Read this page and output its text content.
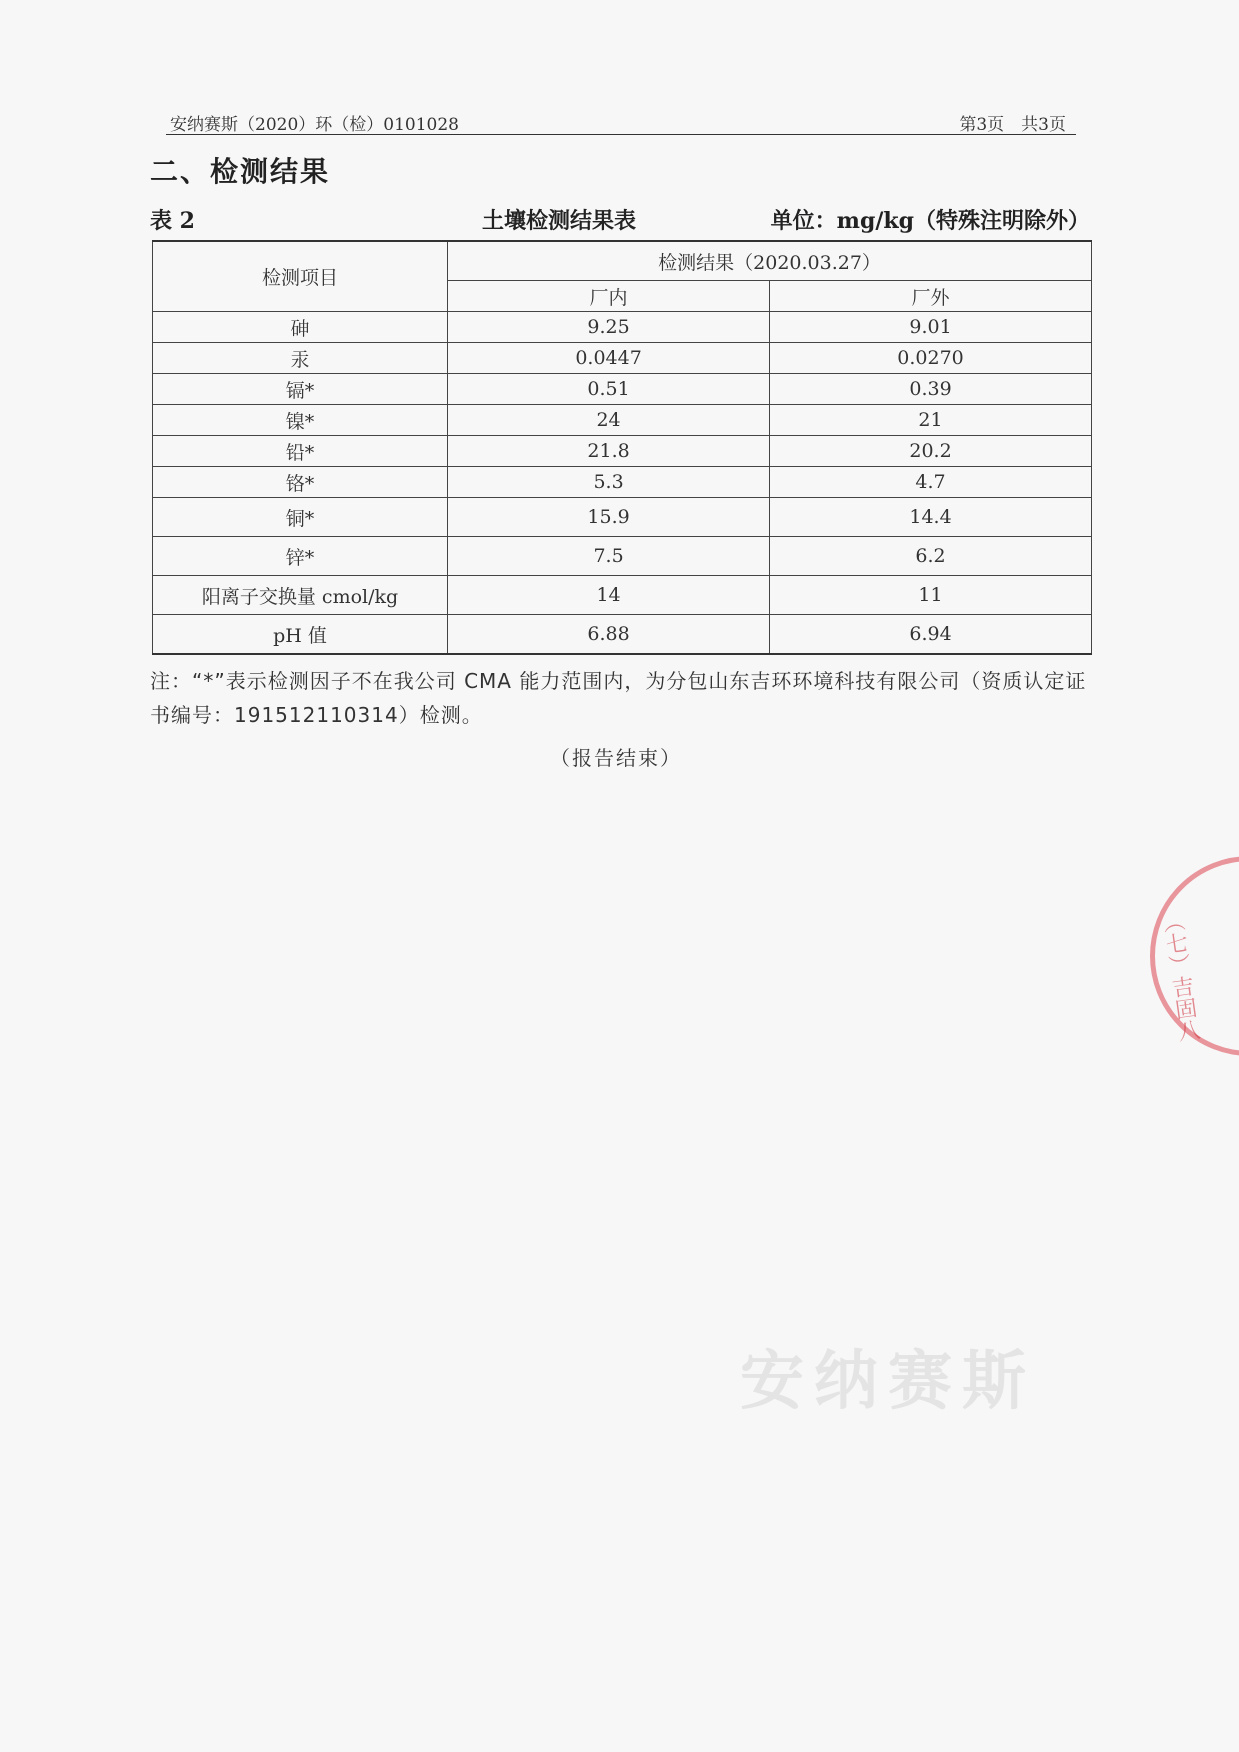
安纳赛斯（2020）环（检）0101028	第3页　共3页
二、检测结果
表 2	土壤检测结果表	单位：mg/kg（特殊注明除外）
检测项目	检测结果（2020.03.27）	
	厂内	厂外
砷	9.25	9.01
汞	0.0447	0.0270
镉*	0.51	0.39
镍*	24	21
铅*	21.8	20.2
铬*	5.3	4.7
铜*	15.9	14.4
锌*	7.5	6.2
阳离子交换量 cmol/kg	14	11
pH 值	6.88	6.94
注：“*”表示检测因子不在我公司 CMA 能力范围内，为分包山东吉环环境科技有限公司（资质认定证书编号：191512110314）检测。
（报告结束）
（七）吉固八
安纳赛斯
